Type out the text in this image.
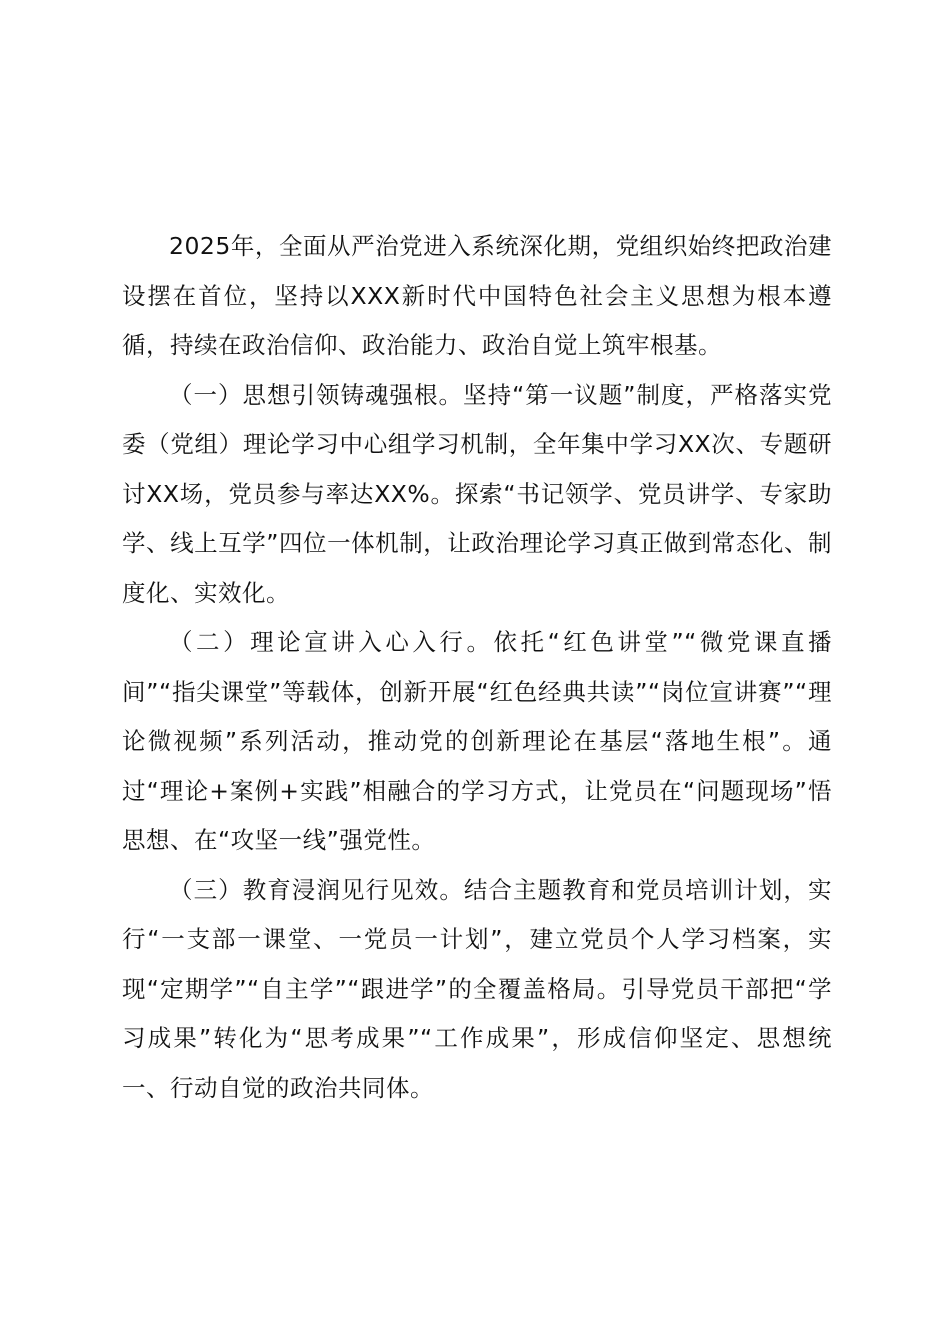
2025年，全面从严治党进入系统深化期，党组织始终把政治建设摆在首位，坚持以XXX新时代中国特色社会主义思想为根本遵循，持续在政治信仰、政治能力、政治自觉上筑牢根基。

（一）思想引领铸魂强根。坚持“第一议题”制度，严格落实党委（党组）理论学习中心组学习机制，全年集中学习XX次、专题研讨XX场，党员参与率达XX%。探索“书记领学、党员讲学、专家助学、线上互学”四位一体机制，让政治理论学习真正做到常态化、制度化、实效化。

（二）理论宣讲入心入行。依托“红色讲堂”“微党课直播间”“指尖课堂”等载体，创新开展“红色经典共读”“岗位宣讲赛”“理论微视频”系列活动，推动党的创新理论在基层“落地生根”。通过“理论+案例+实践”相融合的学习方式，让党员在“问题现场”悟思想、在“攻坚一线”强党性。

（三）教育浸润见行见效。结合主题教育和党员培训计划，实行“一支部一课堂、一党员一计划”，建立党员个人学习档案，实现“定期学”“自主学”“跟进学”的全覆盖格局。引导党员干部把“学习成果”转化为“思考成果”“工作成果”，形成信仰坚定、思想统一、行动自觉的政治共同体。
